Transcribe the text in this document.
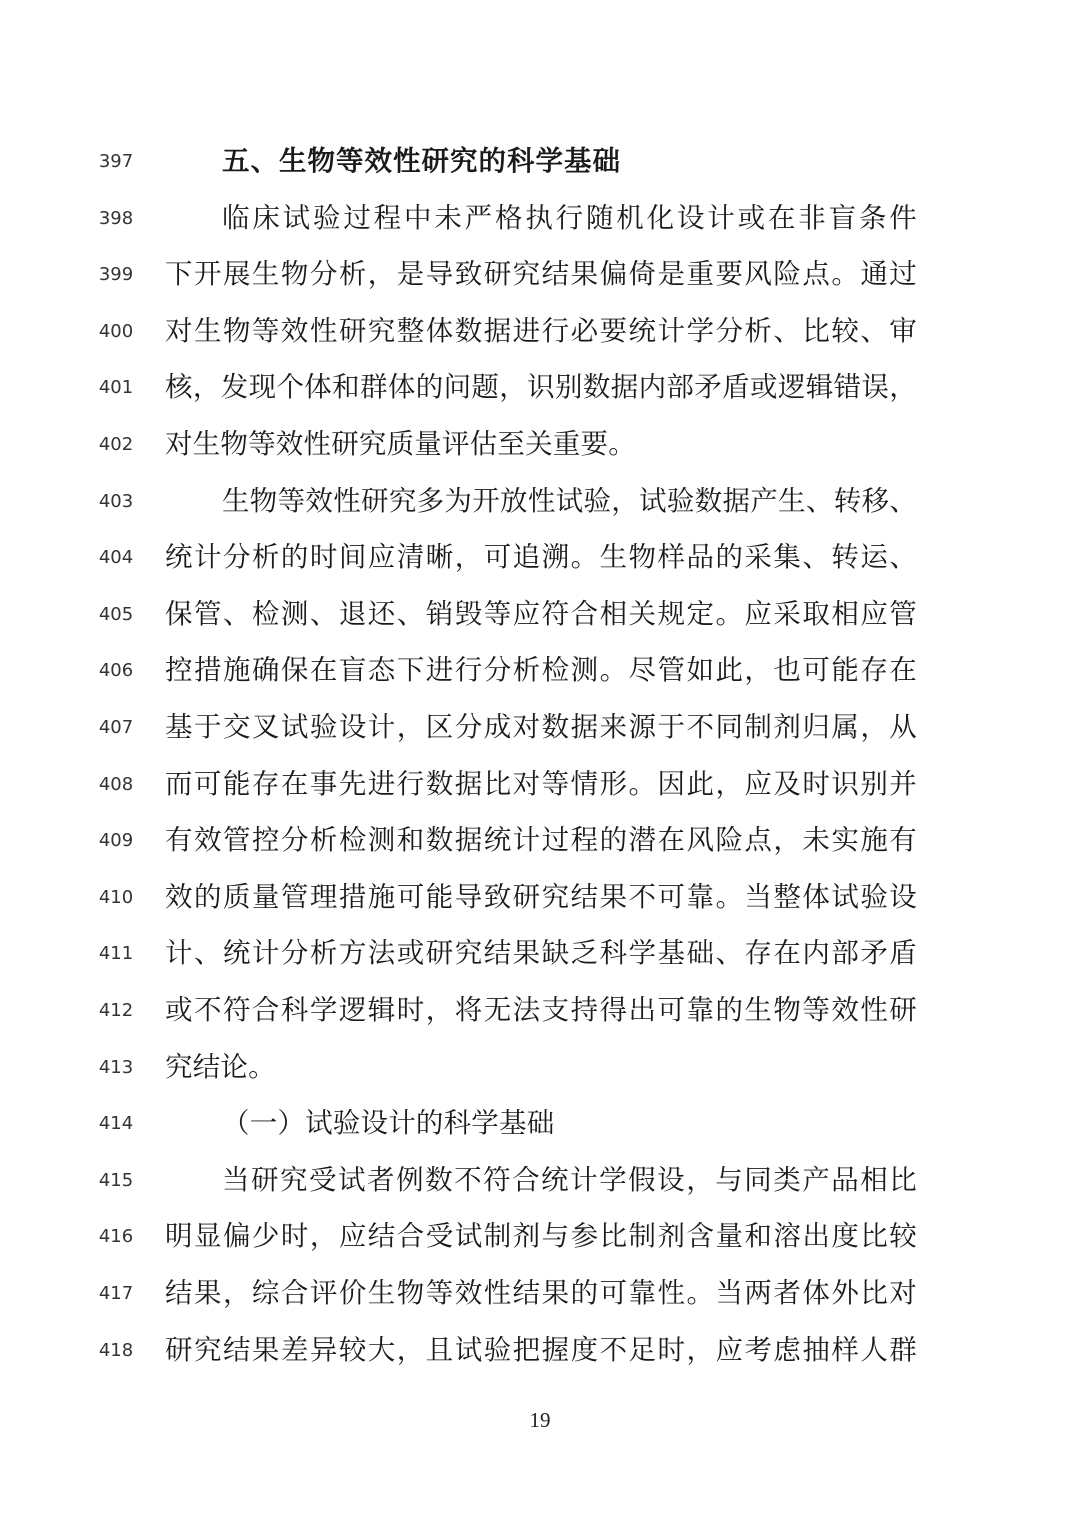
397	五、生物等效性研究的科学基础
398	临床试验过程中未严格执行随机化设计或在非盲条件
399	下开展生物分析，是导致研究结果偏倚是重要风险点。通过
400	对生物等效性研究整体数据进行必要统计学分析、比较、审
401	核，发现个体和群体的问题，识别数据内部矛盾或逻辑错误，
402	对生物等效性研究质量评估至关重要。
403	生物等效性研究多为开放性试验，试验数据产生、转移、
404	统计分析的时间应清晰，可追溯。生物样品的采集、转运、
405	保管、检测、退还、销毁等应符合相关规定。应采取相应管
406	控措施确保在盲态下进行分析检测。尽管如此，也可能存在
407	基于交叉试验设计，区分成对数据来源于不同制剂归属，从
408	而可能存在事先进行数据比对等情形。因此，应及时识别并
409	有效管控分析检测和数据统计过程的潜在风险点，未实施有
410	效的质量管理措施可能导致研究结果不可靠。当整体试验设
411	计、统计分析方法或研究结果缺乏科学基础、存在内部矛盾
412	或不符合科学逻辑时，将无法支持得出可靠的生物等效性研
413	究结论。
414	（一）试验设计的科学基础
415	当研究受试者例数不符合统计学假设，与同类产品相比
416	明显偏少时，应结合受试制剂与参比制剂含量和溶出度比较
417	结果，综合评价生物等效性结果的可靠性。当两者体外比对
418	研究结果差异较大，且试验把握度不足时，应考虑抽样人群
19
